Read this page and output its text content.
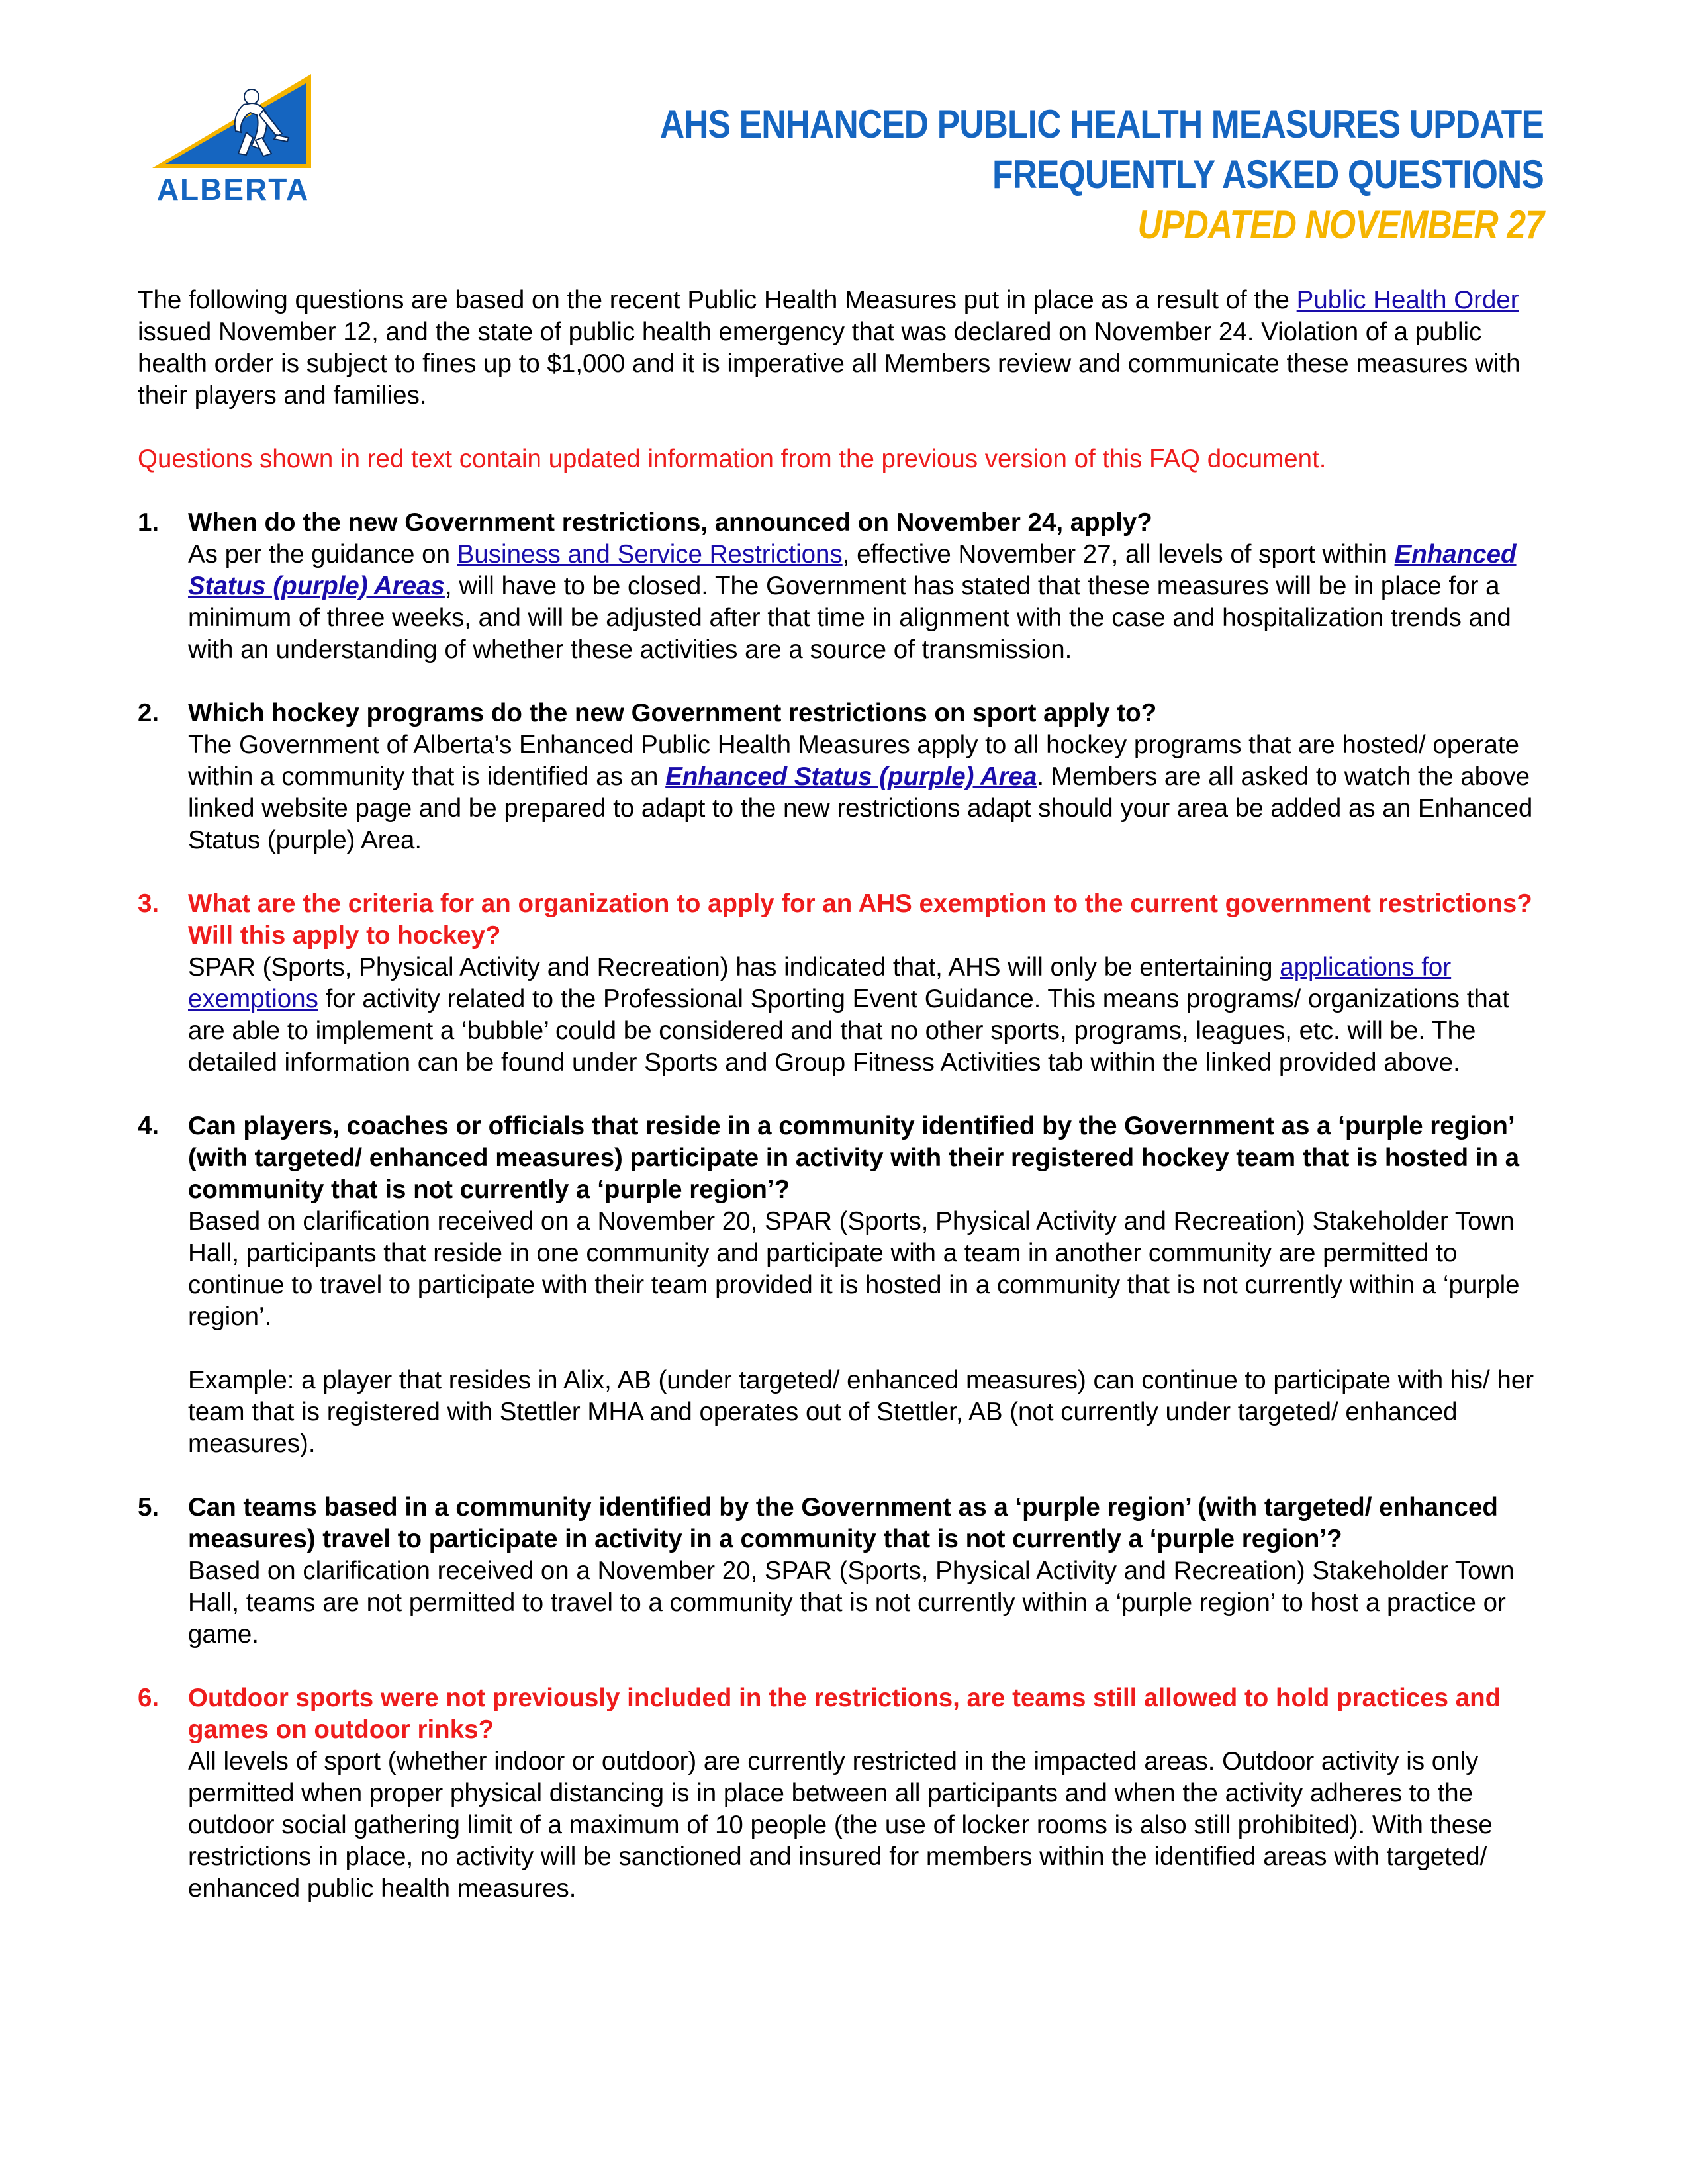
ALBERTA
AHS ENHANCED PUBLIC HEALTH MEASURES UPDATE
FREQUENTLY ASKED QUESTIONS
UPDATED NOVEMBER 27

The following questions are based on the recent Public Health Measures put in place as a result of the Public Health Order issued November 12, and the state of public health emergency that was declared on November 24. Violation of a public health order is subject to fines up to $1,000 and it is imperative all Members review and communicate these measures with their players and families.

Questions shown in red text contain updated information from the previous version of this FAQ document.

1. When do the new Government restrictions, announced on November 24, apply?
As per the guidance on Business and Service Restrictions, effective November 27, all levels of sport within Enhanced Status (purple) Areas, will have to be closed. The Government has stated that these measures will be in place for a minimum of three weeks, and will be adjusted after that time in alignment with the case and hospitalization trends and with an understanding of whether these activities are a source of transmission.
2. Which hockey programs do the new Government restrictions on sport apply to?
The Government of Alberta’s Enhanced Public Health Measures apply to all hockey programs that are hosted/ operate within a community that is identified as an Enhanced Status (purple) Area. Members are all asked to watch the above linked website page and be prepared to adapt to the new restrictions adapt should your area be added as an Enhanced Status (purple) Area.
3. What are the criteria for an organization to apply for an AHS exemption to the current government restrictions? Will this apply to hockey?
SPAR (Sports, Physical Activity and Recreation) has indicated that, AHS will only be entertaining applications for exemptions for activity related to the Professional Sporting Event Guidance. This means programs/ organizations that are able to implement a ‘bubble’ could be considered and that no other sports, programs, leagues, etc. will be. The detailed information can be found under Sports and Group Fitness Activities tab within the linked provided above.
4. Can players, coaches or officials that reside in a community identified by the Government as a ‘purple region’ (with targeted/ enhanced measures) participate in activity with their registered hockey team that is hosted in a community that is not currently a ‘purple region’?
Based on clarification received on a November 20, SPAR (Sports, Physical Activity and Recreation) Stakeholder Town Hall, participants that reside in one community and participate with a team in another community are permitted to continue to travel to participate with their team provided it is hosted in a community that is not currently within a ‘purple region’.
Example: a player that resides in Alix, AB (under targeted/ enhanced measures) can continue to participate with his/ her team that is registered with Stettler MHA and operates out of Stettler, AB (not currently under targeted/ enhanced measures).
5. Can teams based in a community identified by the Government as a ‘purple region’ (with targeted/ enhanced measures) travel to participate in activity in a community that is not currently a ‘purple region’?
Based on clarification received on a November 20, SPAR (Sports, Physical Activity and Recreation) Stakeholder Town Hall, teams are not permitted to travel to a community that is not currently within a ‘purple region’ to host a practice or game.
6. Outdoor sports were not previously included in the restrictions, are teams still allowed to hold practices and games on outdoor rinks?
All levels of sport (whether indoor or outdoor) are currently restricted in the impacted areas. Outdoor activity is only permitted when proper physical distancing is in place between all participants and when the activity adheres to the outdoor social gathering limit of a maximum of 10 people (the use of locker rooms is also still prohibited). With these restrictions in place, no activity will be sanctioned and insured for members within the identified areas with targeted/ enhanced public health measures.
